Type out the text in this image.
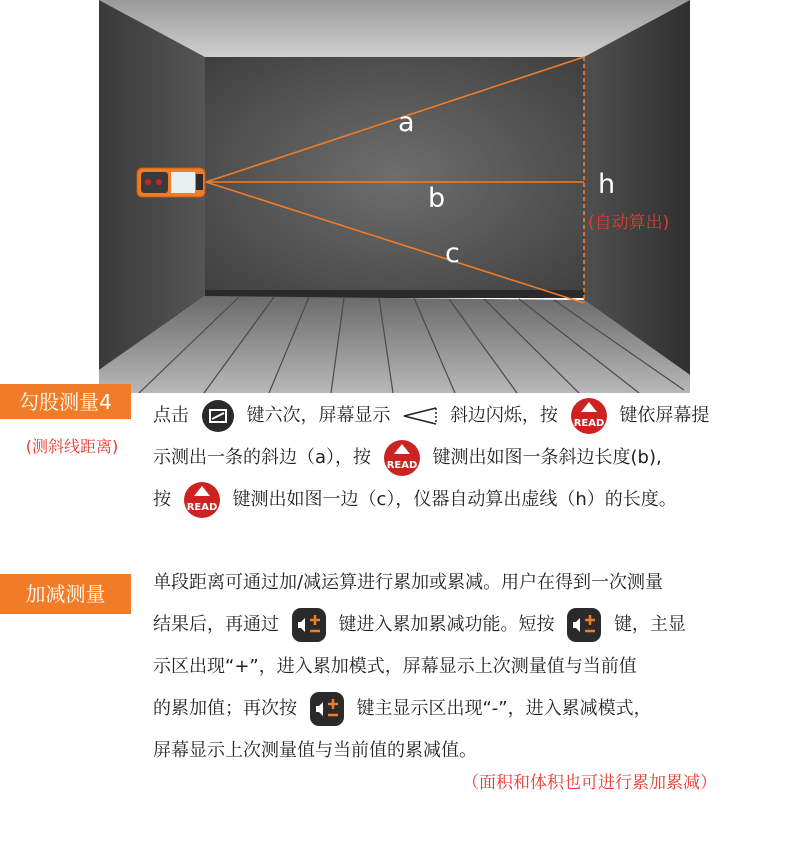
a
b
c
h
(自动算出)
勾股测量4
(测斜线距离)
点击	键六次，屏幕显示	斜边闪烁，按 READ 键依屏幕提
示测出一条的斜边（a），按 READ 键测出如图一条斜边长度(b),
按 READ 键测出如图一边（c），仪器自动算出虚线（h）的长度。
加减测量	单段距离可通过加/减运算进行累加或累减。用户在得到一次测量
结果后，再通过	键进入累加累减功能。短按	键，主显
示区出现“+”，进入累加模式，屏幕显示上次测量值与当前值
的累加值；再次按	键主显示区出现“-”，进入累减模式，
屏幕显示上次测量值与当前值的累减值。
（面积和体积也可进行累加累减）
